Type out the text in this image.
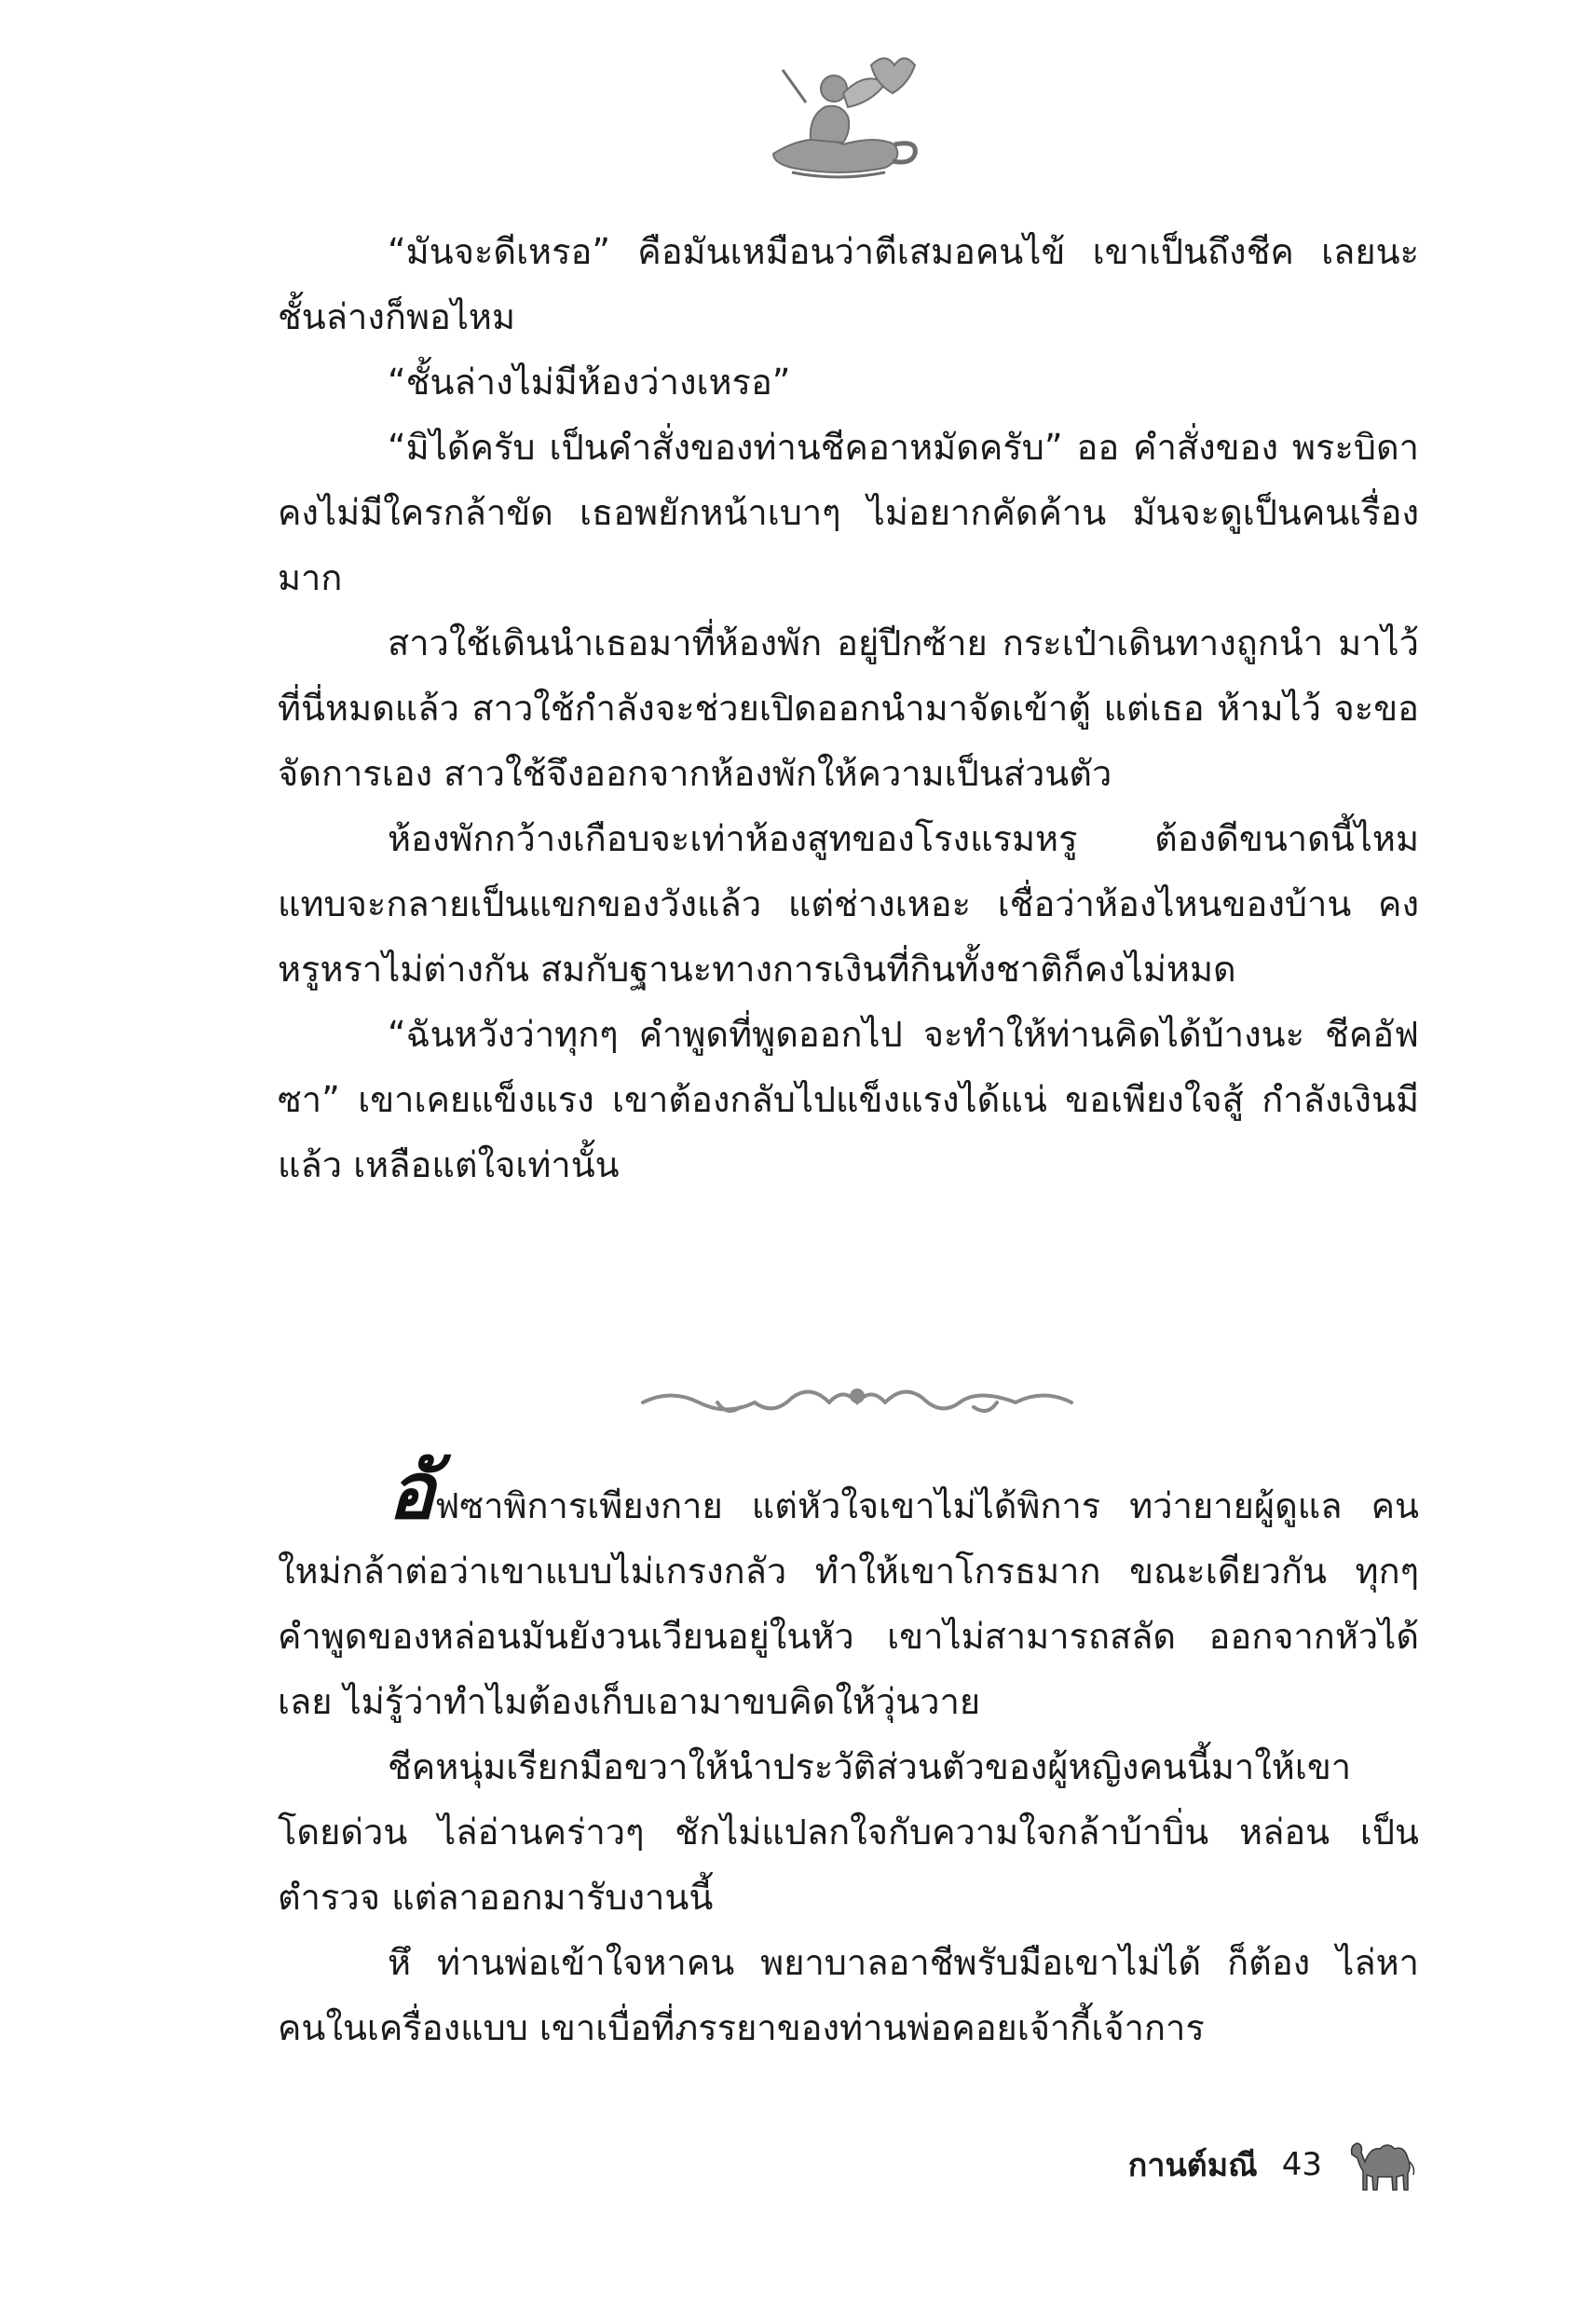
“มันจะดีเหรอ” คือมันเหมือนว่าตีเสมอคนไข้ เขาเป็นถึงชีค เลยนะ ชั้นล่างก็พอไหม

“ชั้นล่างไม่มีห้องว่างเหรอ”

“มิได้ครับ เป็นคำสั่งของท่านชีคอาหมัดครับ” ออ คำสั่งของ พระบิดา คงไม่มีใครกล้าขัด เธอพยักหน้าเบาๆ ไม่อยากคัดค้าน มันจะดูเป็นคนเรื่องมาก

สาวใช้เดินนำเธอมาที่ห้องพัก อยู่ปีกซ้าย กระเป๋าเดินทางถูกนำ มาไว้ที่นี่หมดแล้ว สาวใช้กำลังจะช่วยเปิดออกนำมาจัดเข้าตู้ แต่เธอ ห้ามไว้ จะขอจัดการเอง สาวใช้จึงออกจากห้องพักให้ความเป็นส่วนตัว

ห้องพักกว้างเกือบจะเท่าห้องสูทของโรงแรมหรู ต้องดีขนาดนี้ไหม แทบจะกลายเป็นแขกของวังแล้ว แต่ช่างเหอะ เชื่อว่าห้องไหนของบ้าน คงหรูหราไม่ต่างกัน สมกับฐานะทางการเงินที่กินทั้งชาติก็คงไม่หมด

“ฉันหวังว่าทุกๆ คำพูดที่พูดออกไป จะทำให้ท่านคิดได้บ้างนะ ชีคอัฟซา” เขาเคยแข็งแรง เขาต้องกลับไปแข็งแรงได้แน่ ขอเพียงใจสู้ กำลังเงินมีแล้ว เหลือแต่ใจเท่านั้น

อัฟซาพิการเพียงกาย แต่หัวใจเขาไม่ได้พิการ ทว่ายายผู้ดูแล คนใหม่กล้าต่อว่าเขาแบบไม่เกรงกลัว ทำให้เขาโกรธมาก ขณะเดียวกัน ทุกๆ คำพูดของหล่อนมันยังวนเวียนอยู่ในหัว เขาไม่สามารถสลัด ออกจากหัวได้เลย ไม่รู้ว่าทำไมต้องเก็บเอามาขบคิดให้วุ่นวาย

ชีคหนุ่มเรียกมือขวาให้นำประวัติส่วนตัวของผู้หญิงคนนี้มาให้เขา โดยด่วน ไล่อ่านคร่าวๆ ชักไม่แปลกใจกับความใจกล้าบ้าบิ่น หล่อน เป็นตำรวจ แต่ลาออกมารับงานนี้

หึ ท่านพ่อเข้าใจหาคน พยาบาลอาชีพรับมือเขาไม่ได้ ก็ต้อง ไล่หาคนในเครื่องแบบ เขาเบื่อที่ภรรยาของท่านพ่อคอยเจ้ากี้เจ้าการ

กานต์มณี 43
